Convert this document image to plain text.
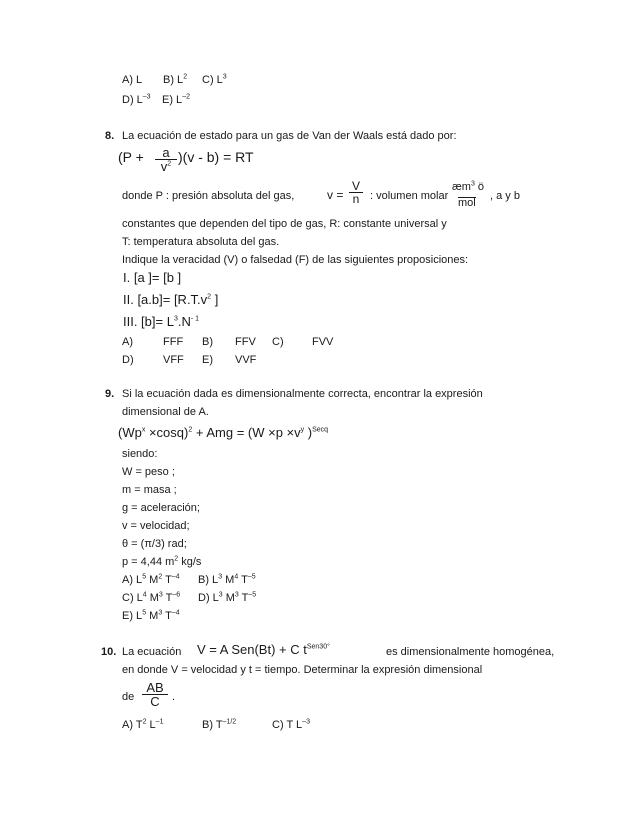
A) L B) $L^2$ C) $L^3$
D) $L^{-3}$ E) $L^{-2}$
8. La ecuación de estado para un gas de Van der Waals está dado por:
$(P + \frac{a}{v^2} )(v - b)$ = RT
donde P : presión absoluta del gas,	$v = \frac{V}{n}$ : volumen molar
$æm^3$ ö
mol
, a y b
constantes que dependen del tipo de gas, R: constante universal y
T: temperatura absoluta del gas.
Indique la veracidad (V) o falsedad (F) de las siguientes proposiciones:
I. [a ]= [b ]
II. $[a.b]= [R.T.v^2$ ]
III. $[b]= L^3.N^{- 1}$
A)	FFF B) FFV C)	FVV
D)	VFF E) VVF
9. Si la ecuación dada es dimensionalmente correcta, encontrar la expresión
dimensional de A.
$(Wp^x \times\cos q)^2$ + Amg = ($W \times p \times v^y$ )$^{Secq}$
siendo:
W = peso ;
m = masa ;
g = aceleración;
v = velocidad;
θ = (π/3) rad;
p = 4,44 $m^2$ kg/s
A) $L^5$ $M^2$ $T^{-4}$ B) $L^3$ $M^4$ $T^{-5}$
C) $L^4$ $M^3$ $T^{-6}$ D) $L^3$ $M^3$ $T^{-5}$
E) $L^5$ $M^3$ $T^{-4}$
10. La ecuación V = A Sen(Bt) + C $t^{Sen30^\circ}$	es dimensionalmente homogénea,
en donde V = velocidad y t = tiempo. Determinar la expresión dimensional
de $\frac{AB}{C}$ .
A) $T^2$ $L^{-1}$	B) $T^{-1/2}$	C) T $L^{-3}$
